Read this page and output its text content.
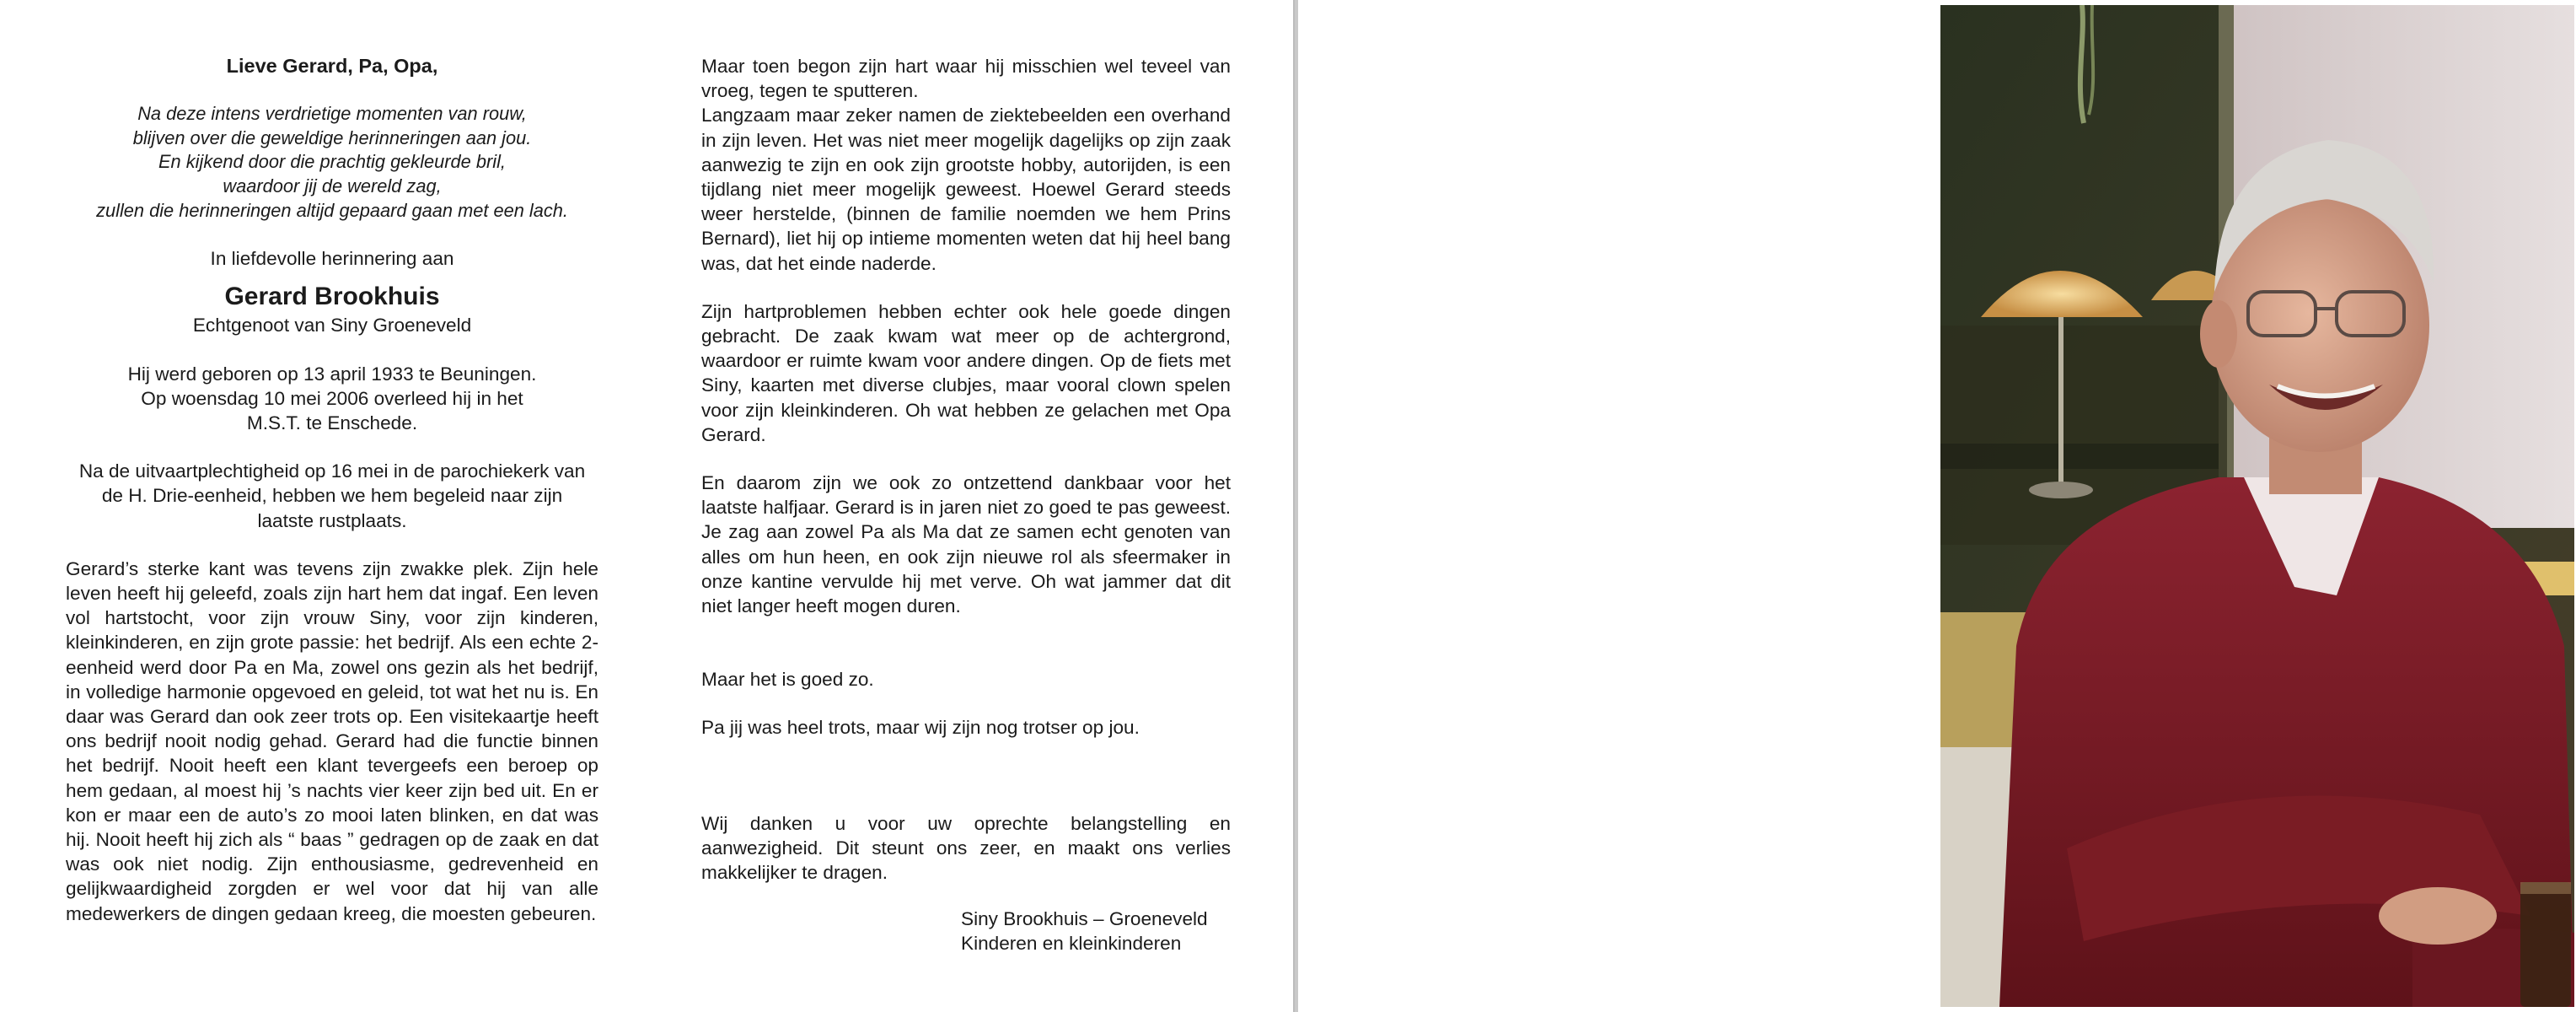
Lieve Gerard, Pa, Opa,
Na deze intens verdrietige momenten van rouw,
blijven over die geweldige herinneringen aan jou.
En kijkend door die prachtig gekleurde bril,
waardoor jij de wereld zag,
zullen die herinneringen altijd gepaard gaan met een lach.
In liefdevolle herinnering aan
Gerard Brookhuis
Echtgenoot van Siny Groeneveld
Hij werd geboren op 13 april 1933 te Beuningen.
Op woensdag 10 mei 2006 overleed hij in het
M.S.T. te Enschede.
Na de uitvaartplechtigheid op 16 mei in de parochiekerk van de H. Drie-eenheid, hebben we hem begeleid naar zijn laatste rustplaats.

Gerard’s sterke kant was tevens zijn zwakke plek. Zijn hele leven heeft hij geleefd, zoals zijn hart hem dat ingaf. Een leven vol hartstocht, voor zijn vrouw Siny, voor zijn kinderen, kleinkinderen, en zijn grote passie: het bedrijf. Als een echte 2-eenheid werd door Pa en Ma, zowel ons gezin als het bedrijf, in volledige harmonie opgevoed en geleid, tot wat het nu is. En daar was Gerard dan ook zeer trots op. Een visitekaartje heeft ons bedrijf nooit nodig gehad. Gerard had die functie binnen het bedrijf. Nooit heeft een klant tevergeefs een beroep op hem gedaan, al moest hij ’s nachts vier keer zijn bed uit. En er kon er maar een de auto’s zo mooi laten blinken, en dat was hij. Nooit heeft hij zich als “ baas ” gedragen op de zaak en dat was ook niet nodig. Zijn enthousiasme, gedrevenheid en gelijkwaardigheid zorgden er wel voor dat hij van alle medewerkers de dingen gedaan kreeg, die moesten gebeuren.

Maar toen begon zijn hart waar hij misschien wel teveel van vroeg, tegen te sputteren.

Langzaam maar zeker namen de ziektebeelden een overhand in zijn leven. Het was niet meer mogelijk dagelijks op zijn zaak aanwezig te zijn en ook zijn grootste hobby, autorijden, is een tijdlang niet meer mogelijk geweest. Hoewel Gerard steeds weer herstelde, (binnen de familie noemden we hem Prins Bernard), liet hij op intieme momenten weten dat hij heel bang was, dat het einde naderde.

Zijn hartproblemen hebben echter ook hele goede dingen gebracht. De zaak kwam wat meer op de achtergrond, waardoor er ruimte kwam voor andere dingen. Op de fiets met Siny, kaarten met diverse clubjes, maar vooral clown spelen voor zijn kleinkinderen. Oh wat hebben ze gelachen met Opa Gerard.

En daarom zijn we ook zo ontzettend dankbaar voor het laatste halfjaar. Gerard is in jaren niet zo goed te pas geweest. Je zag aan zowel Pa als Ma dat ze samen echt genoten van alles om hun heen, en ook zijn nieuwe rol als sfeermaker in onze kantine vervulde hij met verve. Oh wat jammer dat dit niet langer heeft mogen duren.

Maar het is goed zo.

Pa jij was heel trots, maar wij zijn nog trotser op jou.

Wij danken u voor uw oprechte belangstelling en aanwezigheid. Dit steunt ons zeer, en maakt ons verlies makkelijker te dragen.

Siny Brookhuis – Groeneveld
Kinderen en kleinkinderen
